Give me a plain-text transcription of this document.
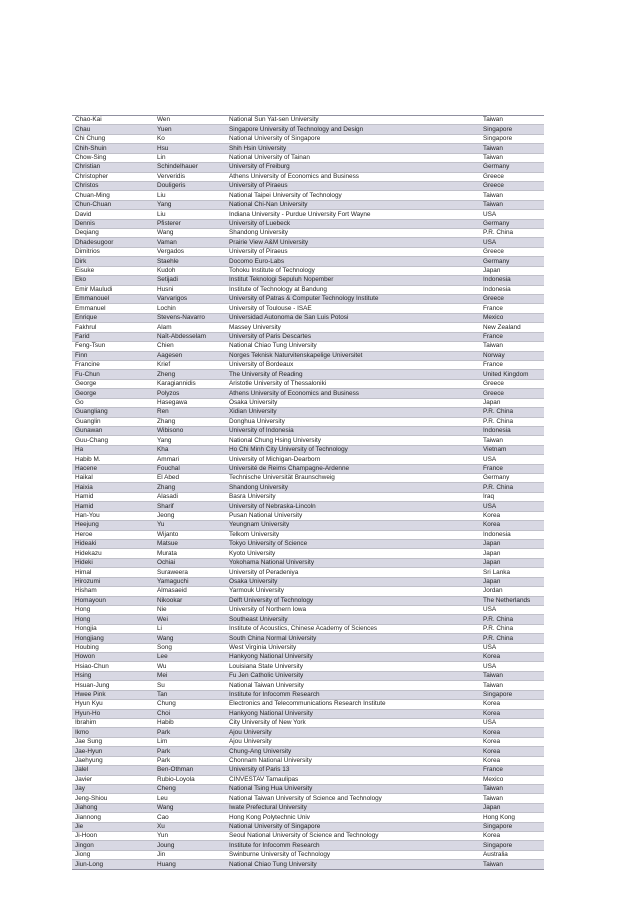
Chao-Kai	Wen	National Sun Yat-sen University	Taiwan
Chau	Yuen	Singapore University of Technology and Design	Singapore
Chi Chung	Ko	National University of Singapore	Singapore
Chih-Shuin	Hsu	Shih Hsin University	Taiwan
Chow-Sing	Lin	National University of Tainan	Taiwan
Christian	Schindelhauer	University of Freiburg	Germany
Christopher	Ververidis	Athens University of Economics and Business	Greece
Christos	Douligeris	University of Piraeus	Greece
Chuan-Ming	Liu	National Taipei University of Technology	Taiwan
Chun-Chuan	Yang	National Chi-Nan University	Taiwan
David	Liu	Indiana University - Purdue University Fort Wayne	USA
Dennis	Pfisterer	University of Luebeck	Germany
Deqiang	Wang	Shandong University	P.R. China
Dhadesugoor	Vaman	Prairie View A&M University	USA
Dimitrios	Vergados	University of Piraeus	Greece
Dirk	Staehle	Docomo Euro-Labs	Germany
Eisuke	Kudoh	Tohoku Institute of Technology	Japan
Eko	Setijadi	Institut Teknologi Sepuluh Nopember	Indonesia
Emir Mauludi	Husni	Institute of Technology at Bandung	Indonesia
Emmanouel	Varvarigos	University of Patras & Computer Technology Institute	Greece
Emmanuel	Lochin	University of Toulouse - ISAE	France
Enrique	Stevens-Navarro	Universidad Autonoma de San Luis Potosi	Mexico
Fakhrul	Alam	Massey University	New Zealand
Farid	Naït-Abdesselam	University of Paris Descartes	France
Feng-Tsun	Chien	National Chiao Tung University	Taiwan
Finn	Aagesen	Norges Teknisk Naturvitenskapelige Universitet	Norway
Francine	Krief	University of Bordeaux	France
Fu-Chun	Zheng	The University of Reading	United Kingdom
George	Karagiannidis	Aristotle University of Thessaloniki	Greece
George	Polyzos	Athens University of Economics and Business	Greece
Go	Hasegawa	Osaka University	Japan
Guangliang	Ren	Xidian University	P.R. China
Guanglin	Zhang	Donghua University	P.R. China
Gunawan	Wibisono	University of Indonesia	Indonesia
Guu-Chang	Yang	National Chung Hsing University	Taiwan
Ha	Kha	Ho Chi Minh City University of Technology	Vietnam
Habib M.	Ammari	University of Michigan-Dearborn	USA
Hacene	Fouchal	Université de Reims Champagne-Ardenne	France
Haikal	El Abed	Technische Universität Braunschweig	Germany
Haixia	Zhang	Shandong University	P.R. China
Hamid	Alasadi	Basra University	Iraq
Hamid	Sharif	University of Nebraska-Lincoln	USA
Han-You	Jeong	Pusan National University	Korea
Heejung	Yu	Yeungnam University	Korea
Heroe	Wijanto	Telkom University	Indonesia
Hideaki	Matsue	Tokyo University of Science	Japan
Hidekazu	Murata	Kyoto University	Japan
Hideki	Ochiai	Yokohama National University	Japan
Himal	Suraweera	University of Peradeniya	Sri Lanka
Hirozumi	Yamaguchi	Osaka University	Japan
Hisham	Almasaeid	Yarmouk University	Jordan
Homayoun	Nikookar	Delft University of Technology	The Netherlands
Hong	Nie	University of Northern Iowa	USA
Hong	Wei	Southeast University	P.R. China
Hongjia	Li	Institute of Acoustics, Chinese Academy of Sciences	P.R. China
Hongjiang	Wang	South China Normal University	P.R. China
Houbing	Song	West Virginia University	USA
Howon	Lee	Hankyong National University	Korea
Hsiao-Chun	Wu	Louisiana State University	USA
Hsing	Mei	Fu Jen Catholic University	Taiwan
Hsuan-Jung	Su	National Taiwan University	Taiwan
Hwee Pink	Tan	Institute for Infocomm Research	Singapore
Hyun Kyu	Chung	Electronics and Telecommunications Research Institute	Korea
Hyun-Ho	Choi	Hankyong National University	Korea
Ibrahim	Habib	City University of New York	USA
Ikmo	Park	Ajou University	Korea
Jae Sung	Lim	Ajou University	Korea
Jae-Hyun	Park	Chung-Ang University	Korea
Jaehyung	Park	Chonnam National University	Korea
Jalel	Ben-Othman	University of Paris 13	France
Javier	Rubio-Loyola	CINVESTAV Tamaulipas	Mexico
Jay	Cheng	National Tsing Hua University	Taiwan
Jeng-Shiou	Leu	National Taiwan University of Science and Technology	Taiwan
Jiahong	Wang	Iwate Prefectural University	Japan
Jiannong	Cao	Hong Kong Polytechnic Univ	Hong Kong
Jie	Xu	National University of Singapore	Singapore
Ji-Hoon	Yun	Seoul National University of Science and Technology	Korea
Jingon	Joung	Institute for Infocomm Research	Singapore
Jiong	Jin	Swinburne University of Technology	Australia
Jiun-Long	Huang	National Chiao Tung University	Taiwan
